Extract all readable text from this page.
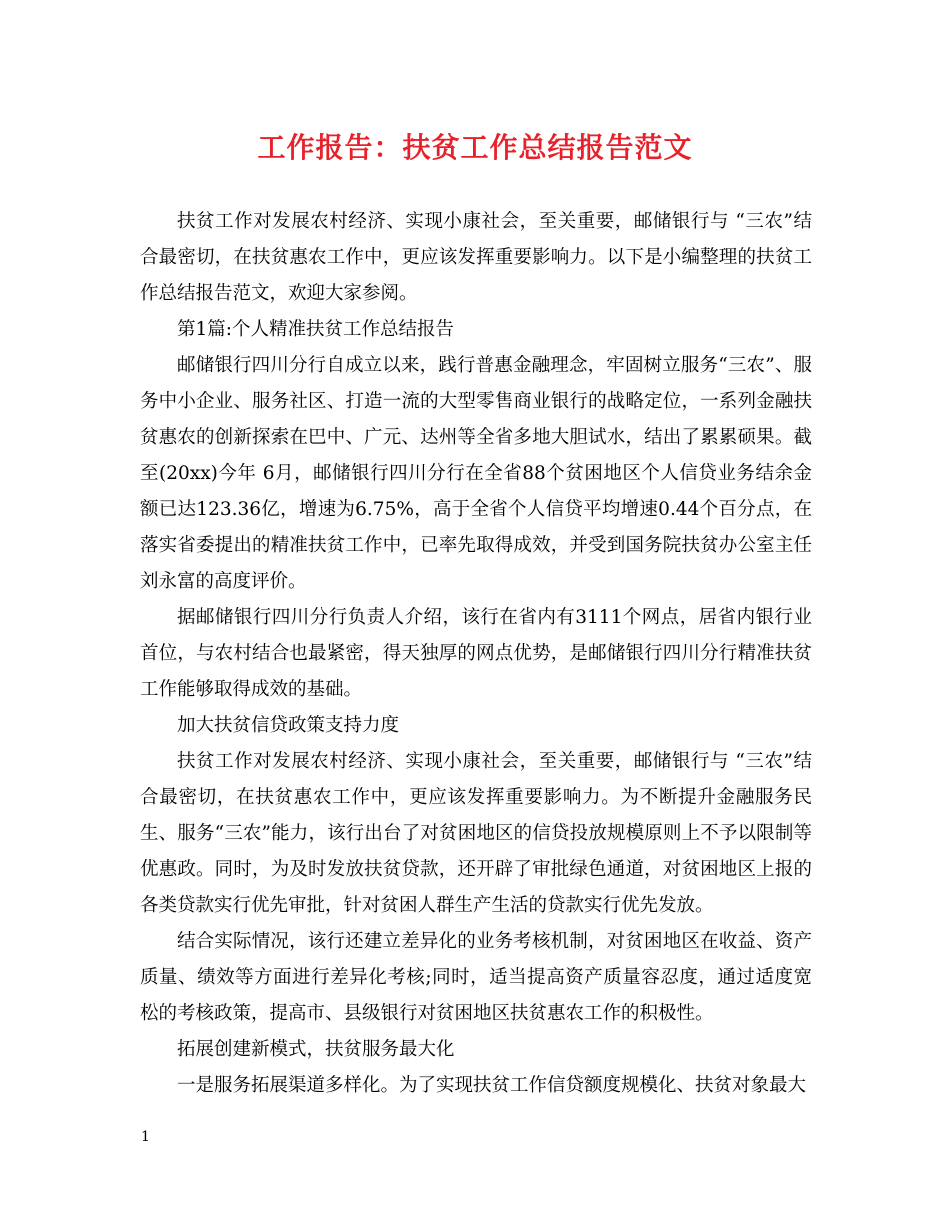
工作报告：扶贫工作总结报告范文

扶贫工作对发展农村经济、实现小康社会，至关重要，邮储银行与 “三农”结合最密切，在扶贫惠农工作中，更应该发挥重要影响力。以下是小编整理的扶贫工作总结报告范文，欢迎大家参阅。

第1篇:个人精准扶贫工作总结报告

邮储银行四川分行自成立以来，践行普惠金融理念，牢固树立服务“三农”、服务中小企业、服务社区、打造一流的大型零售商业银行的战略定位，一系列金融扶贫惠农的创新探索在巴中、广元、达州等全省多地大胆试水，结出了累累硕果。截至(20xx)今年 6月，邮储银行四川分行在全省88个贫困地区个人信贷业务结余金额已达123.36亿，增速为6.75%，高于全省个人信贷平均增速0.44个百分点，在落实省委提出的精准扶贫工作中，已率先取得成效，并受到国务院扶贫办公室主任刘永富的高度评价。

据邮储银行四川分行负责人介绍，该行在省内有3111个网点，居省内银行业首位，与农村结合也最紧密，得天独厚的网点优势，是邮储银行四川分行精准扶贫工作能够取得成效的基础。

加大扶贫信贷政策支持力度

扶贫工作对发展农村经济、实现小康社会，至关重要，邮储银行与 “三农”结合最密切，在扶贫惠农工作中，更应该发挥重要影响力。为不断提升金融服务民生、服务“三农”能力，该行出台了对贫困地区的信贷投放规模原则上不予以限制等优惠政。同时，为及时发放扶贫贷款，还开辟了审批绿色通道，对贫困地区上报的各类贷款实行优先审批，针对贫困人群生产生活的贷款实行优先发放。

结合实际情况，该行还建立差异化的业务考核机制，对贫困地区在收益、资产质量、绩效等方面进行差异化考核;同时，适当提高资产质量容忍度，通过适度宽松的考核政策，提高市、县级银行对贫困地区扶贫惠农工作的积极性。

拓展创建新模式，扶贫服务最大化

一是服务拓展渠道多样化。为了实现扶贫工作信贷额度规模化、扶贫对象最大

1
